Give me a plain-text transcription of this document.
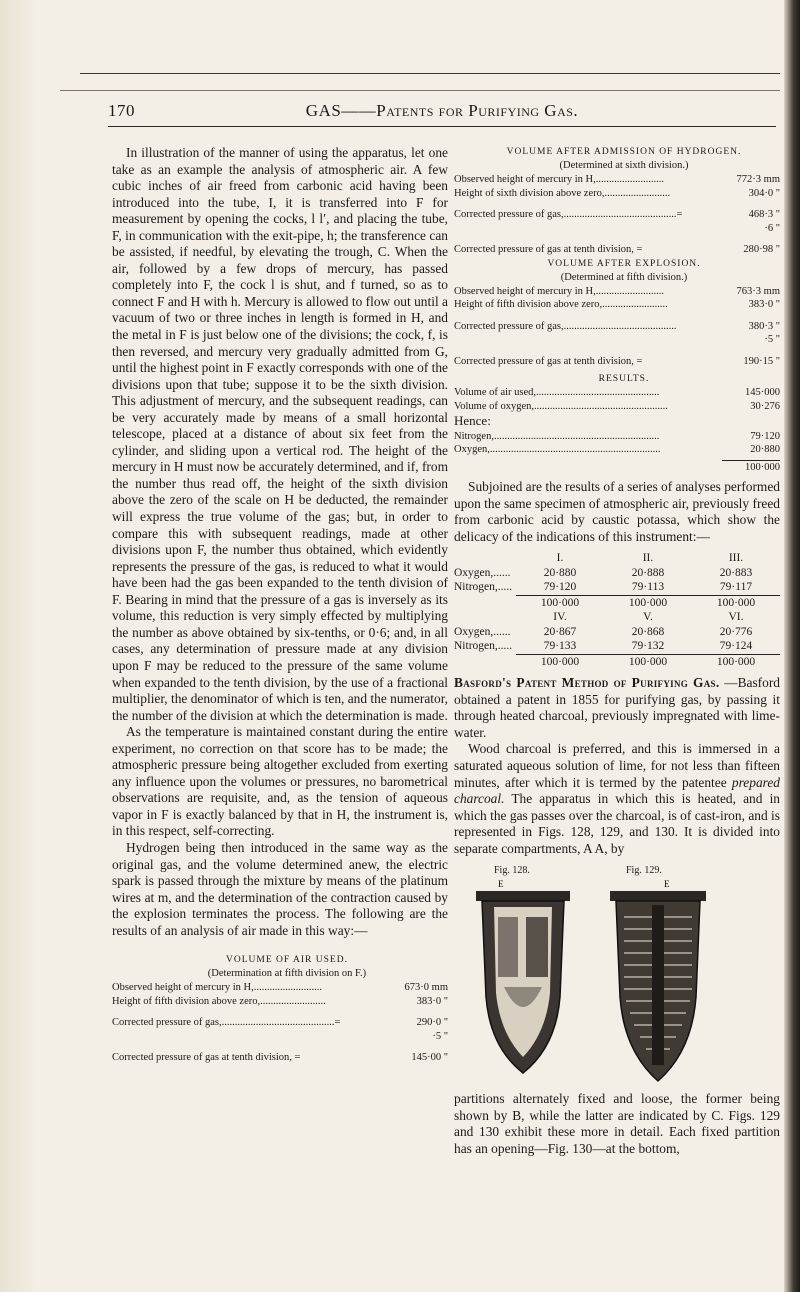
170	GAS——Patents for Purifying Gas.

In illustration of the manner of using the apparatus, let one take as an example the analysis of atmospheric air. A few cubic inches of air freed from carbonic acid having been introduced into the tube, I, it is transferred into F for measurement by opening the cocks, l l′, and placing the tube, F, in communication with the exit-pipe, h; the transference can be assisted, if needful, by elevating the trough, C. When the air, followed by a few drops of mercury, has passed completely into F, the cock l is shut, and f turned, so as to connect F and H with h. Mercury is allowed to flow out until a vacuum of two or three inches in length is formed in H, and the metal in F is just below one of the divisions; the cock, f, is then reversed, and mercury very gradually admitted from G, until the highest point in F exactly corresponds with one of the divisions upon that tube; suppose it to be the sixth division. This adjustment of mercury, and the subsequent readings, can be very accurately made by means of a small horizontal telescope, placed at a distance of about six feet from the cylinder, and sliding upon a vertical rod. The height of the mercury in H must now be accurately determined, and if, from the number thus read off, the height of the sixth division above the zero of the scale on H be deducted, the remainder will express the true volume of the gas; but, in order to compare this with subsequent readings, made at other divisions upon F, the number thus obtained, which evidently represents the pressure of the gas, is reduced to what it would have been had the gas been expanded to the tenth division of F. Bearing in mind that the pressure of a gas is inversely as its volume, this reduction is very simply effected by multiplying the number as above obtained by six-tenths, or 0·6; and, in all cases, any determination of pressure made at any division upon F may be reduced to the pressure of the same volume when expanded to the tenth division, by the use of a fractional multiplier, the denominator of which is ten, and the numerator, the number of the division at which the determination is made.

As the temperature is maintained constant during the entire experiment, no correction on that score has to be made; the atmospheric pressure being altogether excluded from exerting any influence upon the volumes or pressures, no barometrical observations are requisite, and, as the tension of aqueous vapor in F is exactly balanced by that in H, the instrument is, in this respect, self-correcting.

Hydrogen being then introduced in the same way as the original gas, and the volume determined anew, the electric spark is passed through the mixture by means of the platinum wires at m, and the determination of the contraction caused by the explosion terminates the process. The following are the results of an analysis of air made in this way:—

VOLUME OF AIR USED.

(Determination at fifth division on F.)

Observed height of mercury in H,..........................	673·0 mm
Height of fifth division above zero,.........................	383·0 "
Corrected pressure of gas,...........................................=	290·0 "
·5 "
Corrected pressure of gas at tenth division, =	145·00 "

VOLUME AFTER ADMISSION OF HYDROGEN.

(Determined at sixth division.)

Observed height of mercury in H,..........................	772·3 mm
Height of sixth division above zero,.........................	304·0 "
Corrected pressure of gas,...........................................=	468·3 "
·6 "
Corrected pressure of gas at tenth division, =	280·98 "

VOLUME AFTER EXPLOSION.

(Determined at fifth division.)

Observed height of mercury in H,..........................	763·3 mm
Height of fifth division above zero,.........................	383·0 "
Corrected pressure of gas,...........................................	380·3 "
·5 "
Corrected pressure of gas at tenth division, =	190·15 "

RESULTS.

Volume of air used,...............................................	145·000
Volume of oxygen,...................................................	30·276

Hence:

Nitrogen,...............................................................	79·120
Oxygen,.................................................................	20·880
100·000

Subjoined are the results of a series of analyses performed upon the same specimen of atmospheric air, previously freed from carbonic acid by caustic potassa, which show the delicacy of the indications of this instrument:—

I.	II.	III.
Oxygen,......	20·880	20·888	20·883
Nitrogen,.....	79·120	79·113	79·117
100·000	100·000	100·000
IV.	V.	VI.
Oxygen,......	20·867	20·868	20·776
Nitrogen,.....	79·133	79·132	79·124
100·000	100·000	100·000

Basford's Patent Method of Purifying Gas. —Basford obtained a patent in 1855 for purifying gas, by passing it through heated charcoal, previously impregnated with lime-water.

Wood charcoal is preferred, and this is immersed in a saturated aqueous solution of lime, for not less than fifteen minutes, after which it is termed by the patentee prepared charcoal. The apparatus in which this is heated, and in which the gas passes over the charcoal, is of cast-iron, and is represented in Figs. 128, 129, and 130. It is divided into separate compartments, A A, by

Fig. 128.	Fig. 129.
E	E

partitions alternately fixed and loose, the former being shown by B, while the latter are indicated by C. Figs. 129 and 130 exhibit these more in detail. Each fixed partition has an opening—Fig. 130—at the bottom,
